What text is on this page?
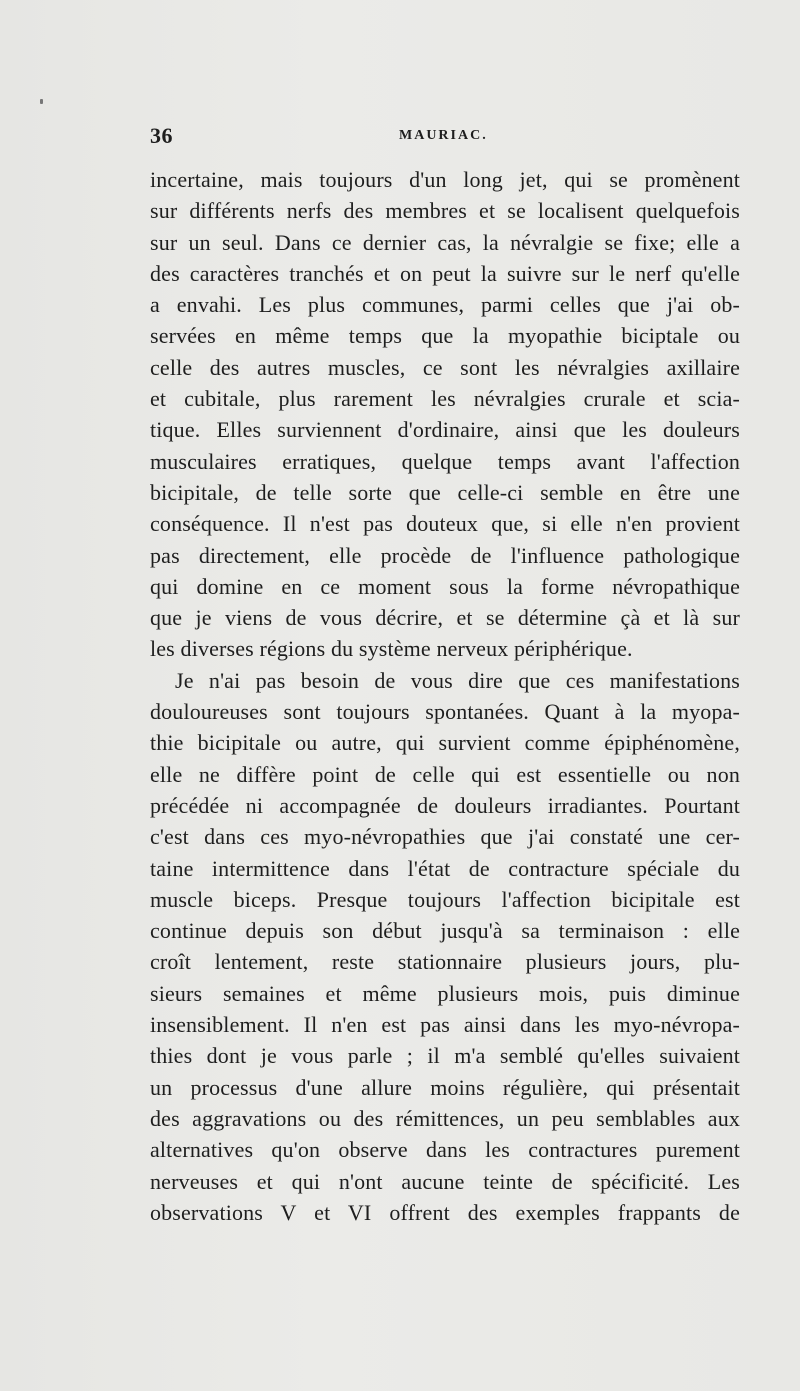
36	MAURIAC.
incertaine, mais toujours d'un long jet, qui se promènent
sur différents nerfs des membres et se localisent quelquefois
sur un seul. Dans ce dernier cas, la névralgie se fixe; elle a
des caractères tranchés et on peut la suivre sur le nerf qu'elle
a envahi. Les plus communes, parmi celles que j'ai ob-
servées en même temps que la myopathie biciptale ou
celle des autres muscles, ce sont les névralgies axillaire
et cubitale, plus rarement les névralgies crurale et scia-
tique. Elles surviennent d'ordinaire, ainsi que les douleurs
musculaires erratiques, quelque temps avant l'affection
bicipitale, de telle sorte que celle-ci semble en être une
conséquence. Il n'est pas douteux que, si elle n'en provient
pas directement, elle procède de l'influence pathologique
qui domine en ce moment sous la forme névropathique
que je viens de vous décrire, et se détermine çà et là sur
les diverses régions du système nerveux périphérique.
Je n'ai pas besoin de vous dire que ces manifestations
douloureuses sont toujours spontanées. Quant à la myopa-
thie bicipitale ou autre, qui survient comme épiphénomène,
elle ne diffère point de celle qui est essentielle ou non
précédée ni accompagnée de douleurs irradiantes. Pourtant
c'est dans ces myo-névropathies que j'ai constaté une cer-
taine intermittence dans l'état de contracture spéciale du
muscle biceps. Presque toujours l'affection bicipitale est
continue depuis son début jusqu'à sa terminaison : elle
croît lentement, reste stationnaire plusieurs jours, plu-
sieurs semaines et même plusieurs mois, puis diminue
insensiblement. Il n'en est pas ainsi dans les myo-névropa-
thies dont je vous parle ; il m'a semblé qu'elles suivaient
un processus d'une allure moins régulière, qui présentait
des aggravations ou des rémittences, un peu semblables aux
alternatives qu'on observe dans les contractures purement
nerveuses et qui n'ont aucune teinte de spécificité. Les
observations V et VI offrent des exemples frappants de
